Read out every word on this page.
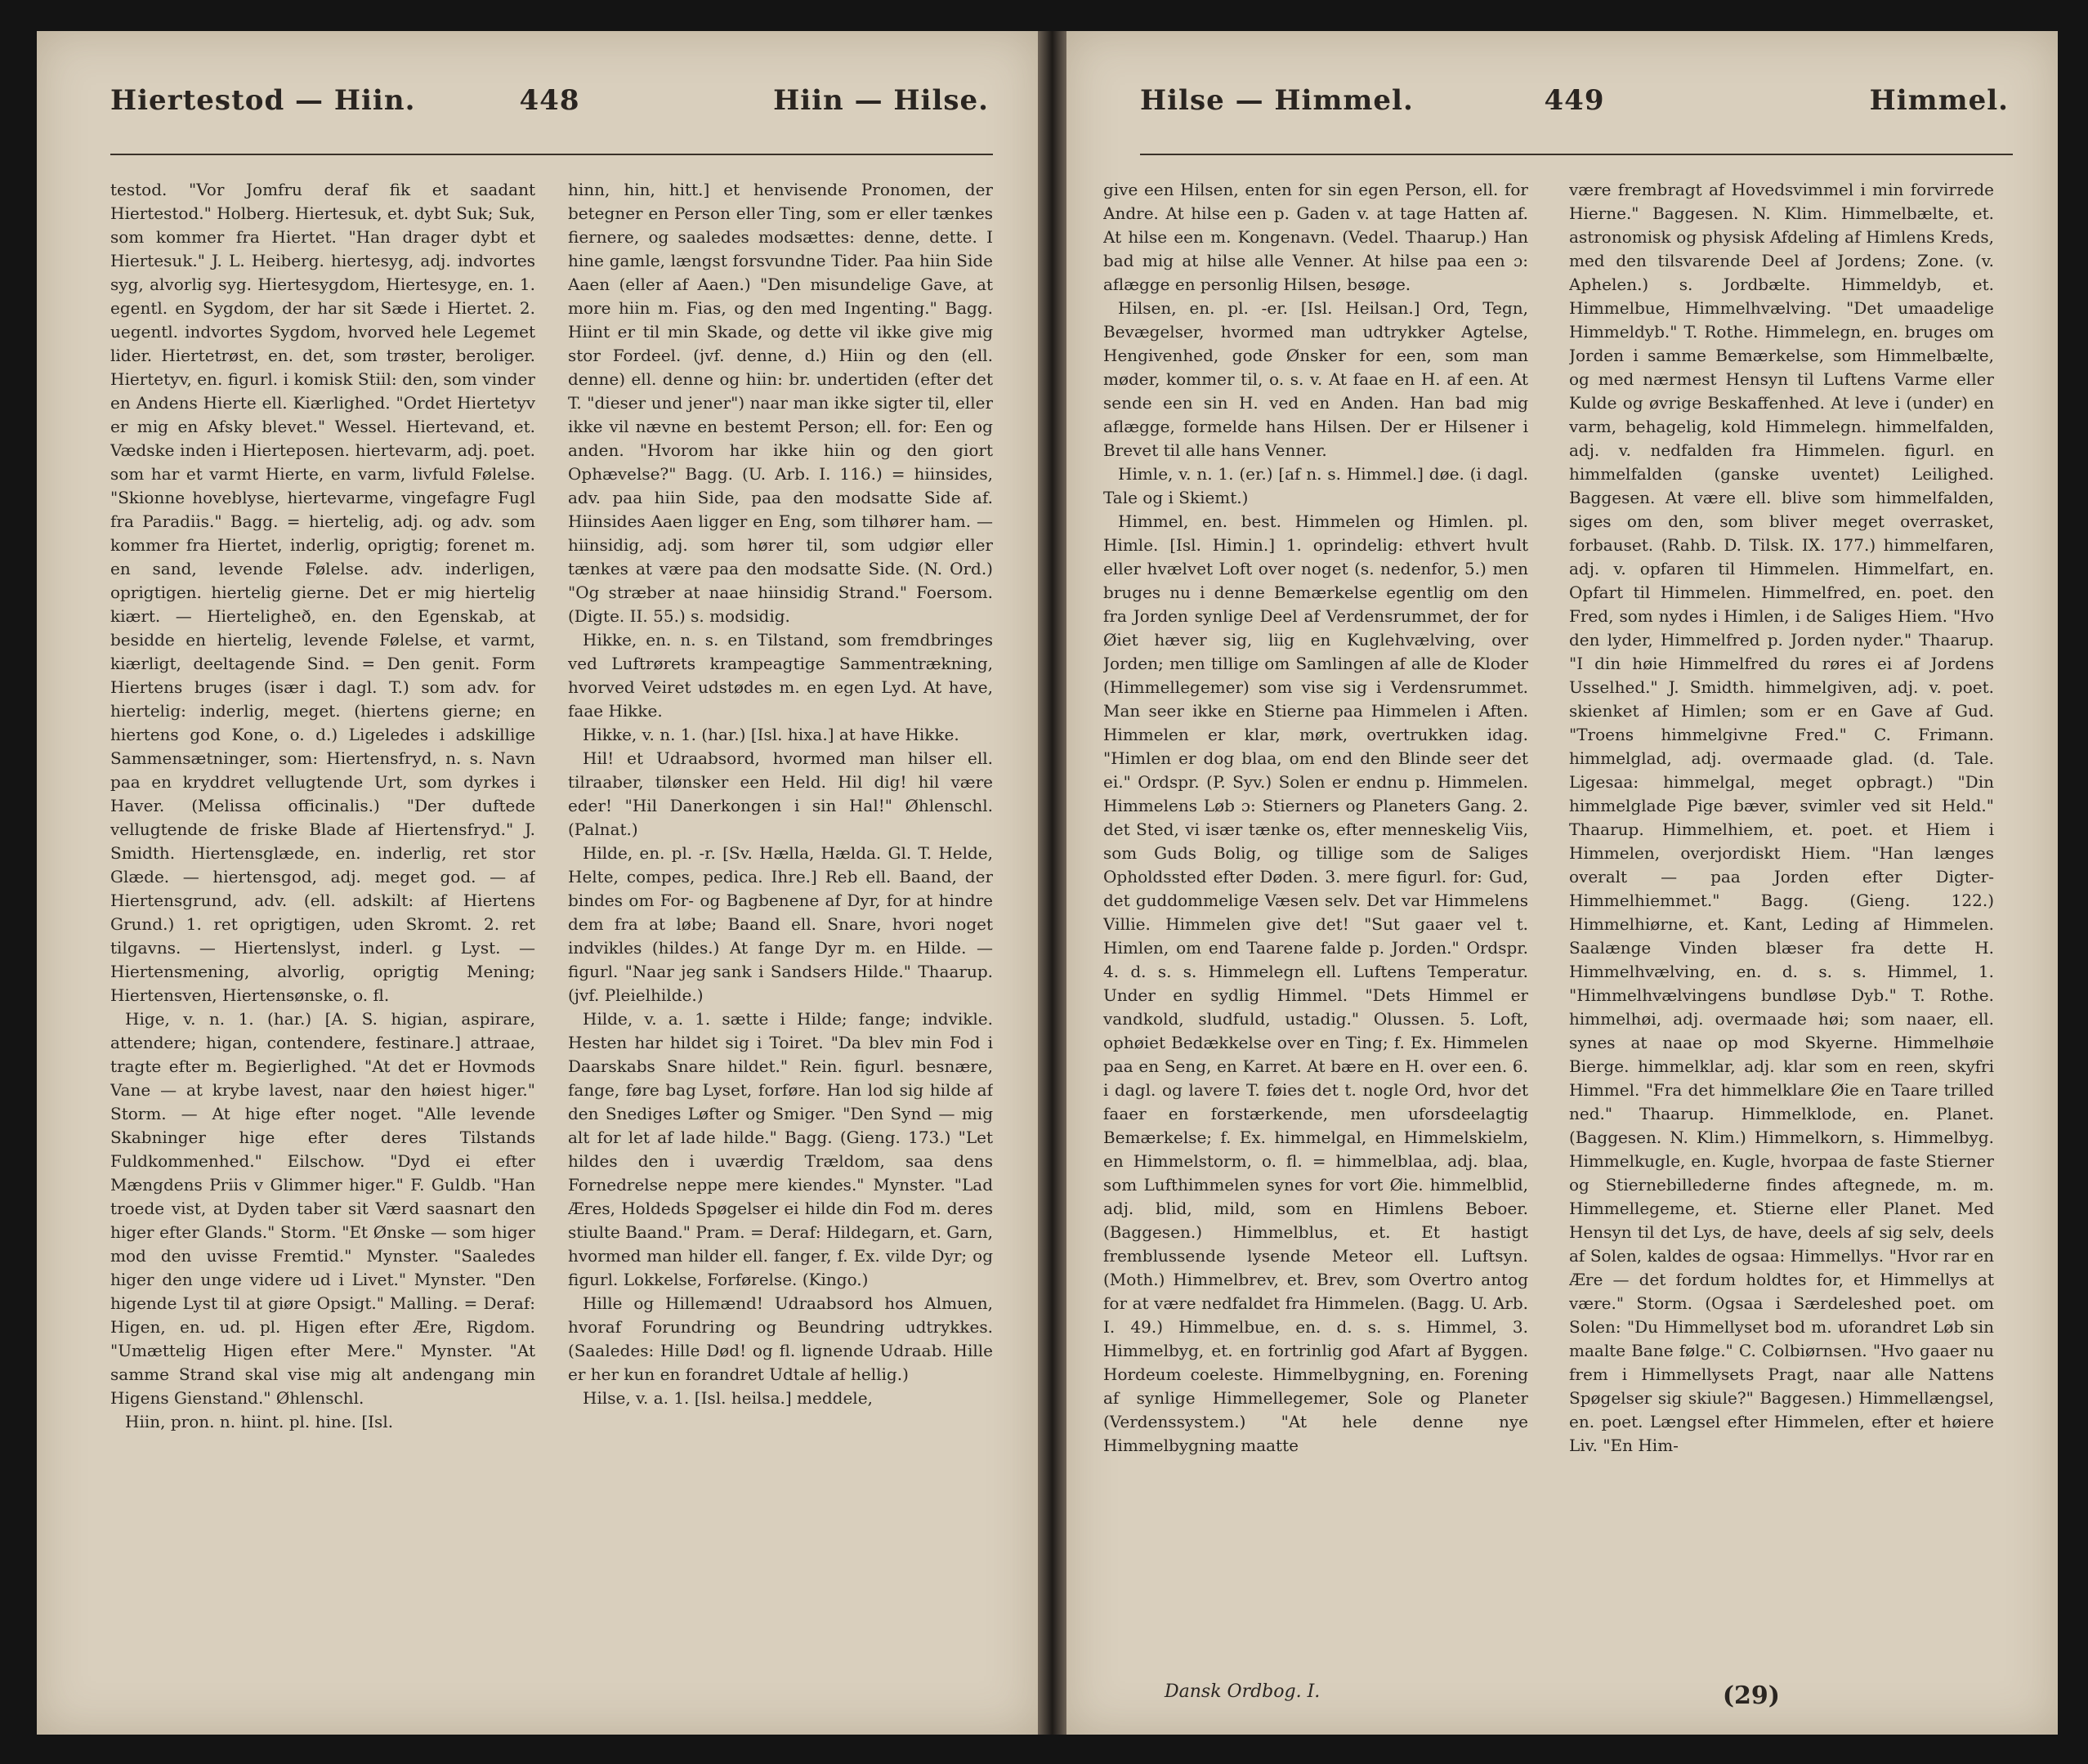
Hiertestod — Hiin.	448	Hiin — Hilse.

testod. "Vor Jomfru deraf fik et saadant Hiertestod." Holberg. Hiertesuk, et. dybt Suk; Suk, som kommer fra Hiertet. "Han drager dybt et Hiertesuk." J. L. Heiberg. hiertesyg, adj. indvortes syg, alvorlig syg. Hiertesygdom, Hiertesyge, en. 1. egentl. en Sygdom, der har sit Sæde i Hiertet. 2. uegentl. indvortes Sygdom, hvorved hele Legemet lider. Hiertetrøst, en. det, som trøster, beroliger. Hiertetyv, en. figurl. i komisk Stiil: den, som vinder en Andens Hierte ell. Kiærlighed. "Ordet Hiertetyv er mig en Afsky blevet." Wessel. Hiertevand, et. Vædske inden i Hierteposen. hiertevarm, adj. poet. som har et varmt Hierte, en varm, livfuld Følelse. "Skionne hoveblyse, hiertevarme, vingefagre Fugl fra Paradiis." Bagg. = hiertelig, adj. og adv. som kommer fra Hiertet, inderlig, oprigtig; forenet m. en sand, levende Følelse. adv. inderligen, oprigtigen. hiertelig gierne. Det er mig hiertelig kiært. — Hierteligheð, en. den Egenskab, at besidde en hiertelig, levende Følelse, et varmt, kiærligt, deeltagende Sind. = Den genit. Form Hiertens bruges (især i dagl. T.) som adv. for hiertelig: inderlig, meget. (hiertens gierne; en hiertens god Kone, o. d.) Ligeledes i adskillige Sammensætninger, som: Hiertensfryd, n. s. Navn paa en kryddret vellugtende Urt, som dyrkes i Haver. (Melissa officinalis.) "Der duftede vellugtende de friske Blade af Hiertensfryd." J. Smidth. Hiertensglæde, en. inderlig, ret stor Glæde. — hiertensgod, adj. meget god. — af Hiertensgrund, adv. (ell. adskilt: af Hiertens Grund.) 1. ret oprigtigen, uden Skromt. 2. ret tilgavns. — Hiertenslyst, inderl. g Lyst. — Hiertensmening, alvorlig, oprigtig Mening; Hiertensven, Hiertensønske, o. fl.

Hige, v. n. 1. (har.) [A. S. higian, aspirare, attendere; higan, contendere, festinare.] attraae, tragte efter m. Begierlighed. "At det er Hovmods Vane — at krybe lavest, naar den høiest higer." Storm. — At hige efter noget. "Alle levende Skabninger hige efter deres Tilstands Fuldkommenhed." Eilschow. "Dyd ei efter Mængdens Priis v Glimmer higer." F. Guldb. "Han troede vist, at Dyden taber sit Værd saasnart den higer efter Glands." Storm. "Et Ønske — som higer mod den uvisse Fremtid." Mynster. "Saaledes higer den unge videre ud i Livet." Mynster. "Den higende Lyst til at giøre Opsigt." Malling. = Deraf: Higen, en. ud. pl. Higen efter Ære, Rigdom. "Umættelig Higen efter Mere." Mynster. "At samme Strand skal vise mig alt andengang min Higens Gienstand." Øhlenschl.

Hiin, pron. n. hiint. pl. hine. [Isl.

hinn, hin, hitt.] et henvisende Pronomen, der betegner en Person eller Ting, som er eller tænkes fiernere, og saaledes modsættes: denne, dette. I hine gamle, længst forsvundne Tider. Paa hiin Side Aaen (eller af Aaen.) "Den misundelige Gave, at more hiin m. Fias, og den med Ingenting." Bagg. Hiint er til min Skade, og dette vil ikke give mig stor Fordeel. (jvf. denne, d.) Hiin og den (ell. denne) ell. denne og hiin: br. undertiden (efter det T. "dieser und jener") naar man ikke sigter til, eller ikke vil nævne en bestemt Person; ell. for: Een og anden. "Hvorom har ikke hiin og den giort Ophævelse?" Bagg. (U. Arb. I. 116.) = hiinsides, adv. paa hiin Side, paa den modsatte Side af. Hiinsides Aaen ligger en Eng, som tilhører ham. — hiinsidig, adj. som hører til, som udgiør eller tænkes at være paa den modsatte Side. (N. Ord.) "Og stræber at naae hiinsidig Strand." Foersom. (Digte. II. 55.) s. modsidig.

Hikke, en. n. s. en Tilstand, som fremdbringes ved Luftrørets krampeagtige Sammentrækning, hvorved Veiret udstødes m. en egen Lyd. At have, faae Hikke.

Hikke, v. n. 1. (har.) [Isl. hixa.] at have Hikke.

Hil! et Udraabsord, hvormed man hilser ell. tilraaber, tilønsker een Held. Hil dig! hil være eder! "Hil Danerkongen i sin Hal!" Øhlenschl. (Palnat.)

Hilde, en. pl. -r. [Sv. Hælla, Hælda. Gl. T. Helde, Helte, compes, pedica. Ihre.] Reb ell. Baand, der bindes om For- og Bagbenene af Dyr, for at hindre dem fra at løbe; Baand ell. Snare, hvori noget indvikles (hildes.) At fange Dyr m. en Hilde. — figurl. "Naar jeg sank i Sandsers Hilde." Thaarup. (jvf. Pleielhilde.)

Hilde, v. a. 1. sætte i Hilde; fange; indvikle. Hesten har hildet sig i Toiret. "Da blev min Fod i Daarskabs Snare hildet." Rein. figurl. besnære, fange, føre bag Lyset, forføre. Han lod sig hilde af den Snedigeѕ Løfter og Smiger. "Den Synd — mig alt for let af lade hilde." Bagg. (Gieng. 173.) "Let hildes den i uværdig Trældom, saa dens Fornedrelse neppe mere kiendes." Mynster. "Lad Æres, Holdeds Spøgelser ei hilde din Fod m. deres stiulte Baand." Pram. = Deraf: Hildegarn, et. Garn, hvormed man hilder ell. fanger, f. Ex. vilde Dyr; og figurl. Lokkelse, Forførelse. (Kingo.)

Hille og Hillemænd! Udraabsord hos Almuen, hvoraf Forundring og Beundring udtrykkes. (Saaledes: Hille Død! og fl. lignende Udraab. Hille er her kun en forandret Udtale af hellig.)

Hilse, v. a. 1. [Isl. heilsa.] meddele,

Hilse — Himmel.	449	Himmel.

give een Hilsen, enten for sin egen Person, ell. for Andre. At hilse een p. Gaden v. at tage Hatten af. At hilse een m. Kongenavn. (Vedel. Thaarup.) Han bad mig at hilse alle Venner. At hilse paa een ɔ: aflægge en personlig Hilsen, besøge.

Hilsen, en. pl. -er. [Isl. Heilsan.] Ord, Tegn, Bevægelser, hvormed man udtrykker Agtelse, Hengivenhed, gode Ønsker for een, som man møder, kommer til, o. s. v. At faae en H. af een. At sende een sin H. ved en Anden. Han bad mig aflægge, formelde hans Hilsen. Der er Hilsener i Brevet til alle hans Venner.

Himle, v. n. 1. (er.) [af n. s. Himmel.] døe. (i dagl. Tale og i Skiemt.)

Himmel, en. best. Himmelen og Himlen. pl. Himle. [Isl. Himin.] 1. oprindelig: ethvert hvult eller hvælvet Loft over noget (s. nedenfor, 5.) men bruges nu i denne Bemærkelse egentlig om den fra Jorden synlige Deel af Verdensrummet, der for Øiet hæver sig, liig en Kuglehvælving, over Jorden; men tillige om Samlingen af alle de Kloder (Himmellegemer) som vise sig i Verdensrummet. Man seer ikke en Stierne paa Himmelen i Aften. Himmelen er klar, mørk, overtrukken idag. "Himlen er dog blaa, om end den Blinde seer det ei." Ordspr. (P. Syv.) Solen er endnu p. Himmelen. Himmelens Løb ɔ: Stierners og Planeters Gang. 2. det Sted, vi især tænke os, efter menneskelig Viis, som Guds Bolig, og tillige som de Saliges Opholdssted efter Døden. 3. mere figurl. for: Gud, det guddommelige Væsen selv. Det var Himmelens Villie. Himmelen give det! "Sut gaaer vel t. Himlen, om end Taarene falde p. Jorden." Ordspr. 4. d. s. s. Himmelegn ell. Luftens Temperatur. Under en sydlig Himmel. "Dets Himmel er vandkold, sludfuld, ustadig." Olussen. 5. Loft, ophøiet Bedækkelse over en Ting; f. Ex. Himmelen paa en Seng, en Karret. At bære en H. over een. 6. i dagl. og lavere T. føies det t. nogle Ord, hvor det faaer en forstærkende, men uforsdeelagtig Bemærkelse; f. Ex. himmelgal, en Himmelskielm, en Himmelstorm, o. fl. = himmelblaa, adj. blaa, som Lufthimmelen synes for vort Øie. himmelblid, adj. blid, mild, som en Himlens Beboer. (Baggesen.) Himmelblus, et. Et hastigt fremblussende lysende Meteor ell. Luftsyn. (Moth.) Himmelbrev, et. Brev, som Overtro antog for at være nedfaldet fra Himmelen. (Bagg. U. Arb. I. 49.) Himmelbue, en. d. s. s. Himmel, 3. Himmelbyg, et. en fortrinlig god Afart af Byggen. Hordeum coeleste. Himmelbygning, en. Forening af synlige Himmellegemer, Sole og Planeter (Verdenssystem.) "At hele denne nye Himmelbygning maatte

være frembragt af Hovedsvimmel i min forvirrede Hierne." Baggesen. N. Klim. Himmelbælte, et. astronomisk og physisk Afdeling af Himlens Kreds, med den tilsvarende Deel af Jordens; Zone. (v. Aphelen.) s. Jordbælte. Himmeldyb, et. Himmelbue, Himmelhvælving. "Det umaadelige Himmeldyb." T. Rothe. Himmelegn, en. bruges om Jorden i samme Bemærkelse, som Himmelbælte, og med nærmest Hensyn til Luftens Varme eller Kulde og øvrige Beskaffenhed. At leve i (under) en varm, behagelig, kold Himmelegn. himmelfalden, adj. v. nedfalden fra Himmelen. figurl. en himmelfalden (ganske uventet) Leilighed. Baggesen. At være ell. blive som himmelfalden, siges om den, som bliver meget overrasket, forbauset. (Rahb. D. Tilsk. IX. 177.) himmelfaren, adj. v. opfaren til Himmelen. Himmelfart, en. Opfart til Himmelen. Himmelfred, en. poet. den Fred, som nydes i Himlen, i de Saliges Hiem. "Hvo den lyder, Himmelfred p. Jorden nyder." Thaarup. "I din høie Himmelfred du røres ei af Jordens Usselhed." J. Smidth. himmelgiven, adj. v. poet. skienket af Himlen; som er en Gave af Gud. "Troens himmelgivne Fred." C. Frimann. himmelglad, adj. overmaade glad. (d. Tale. Ligesaa: himmelgal, meget opbragt.) "Din himmelglade Pige bæver, svimler ved sit Held." Thaarup. Himmelhiem, et. poet. et Hiem i Himmelen, overjordiskt Hiem. "Han længes overalt — paa Jorden efter Digter-Himmelhiemmet." Bagg. (Gieng. 122.) Himmelhiørne, et. Kant, Leding af Himmelen. Saalænge Vinden blæser fra dette H. Himmelhvælving, en. d. s. s. Himmel, 1. "Himmelhvælvingens bundløse Dyb." T. Rothe. himmelhøi, adj. overmaade høi; som naaer, ell. synes at naae op mod Skyerne. Himmelhøie Bierge. himmelklar, adj. klar som en reen, skyfri Himmel. "Fra det himmelklare Øie en Taare trilled ned." Thaarup. Himmelklode, en. Planet. (Baggesen. N. Klim.) Himmelkorn, s. Himmelbyg. Himmelkugle, en. Kugle, hvorpaa de faste Stierner og Stiernebillederne findes aftegnede, m. m. Himmellegeme, et. Stierne eller Planet. Med Hensyn til det Lys, de have, deels af sig selv, deels af Solen, kaldes de ogsaa: Himmellys. "Hvor rar en Ære — det fordum holdtes for, et Himmellys at være." Storm. (Ogsaa i Særdeleshed poet. om Solen: "Du Himmellyset bod m. uforandret Løb sin maalte Bane følge." C. Colbiørnsen. "Hvo gaaer nu frem i Himmellysets Pragt, naar alle Nattens Spøgelser sig skiule?" Baggesen.) Himmellængsel, en. poet. Længsel efter Himmelen, efter et høiere Liv. "En Him-

Dansk Ordbog. I.	(29)
